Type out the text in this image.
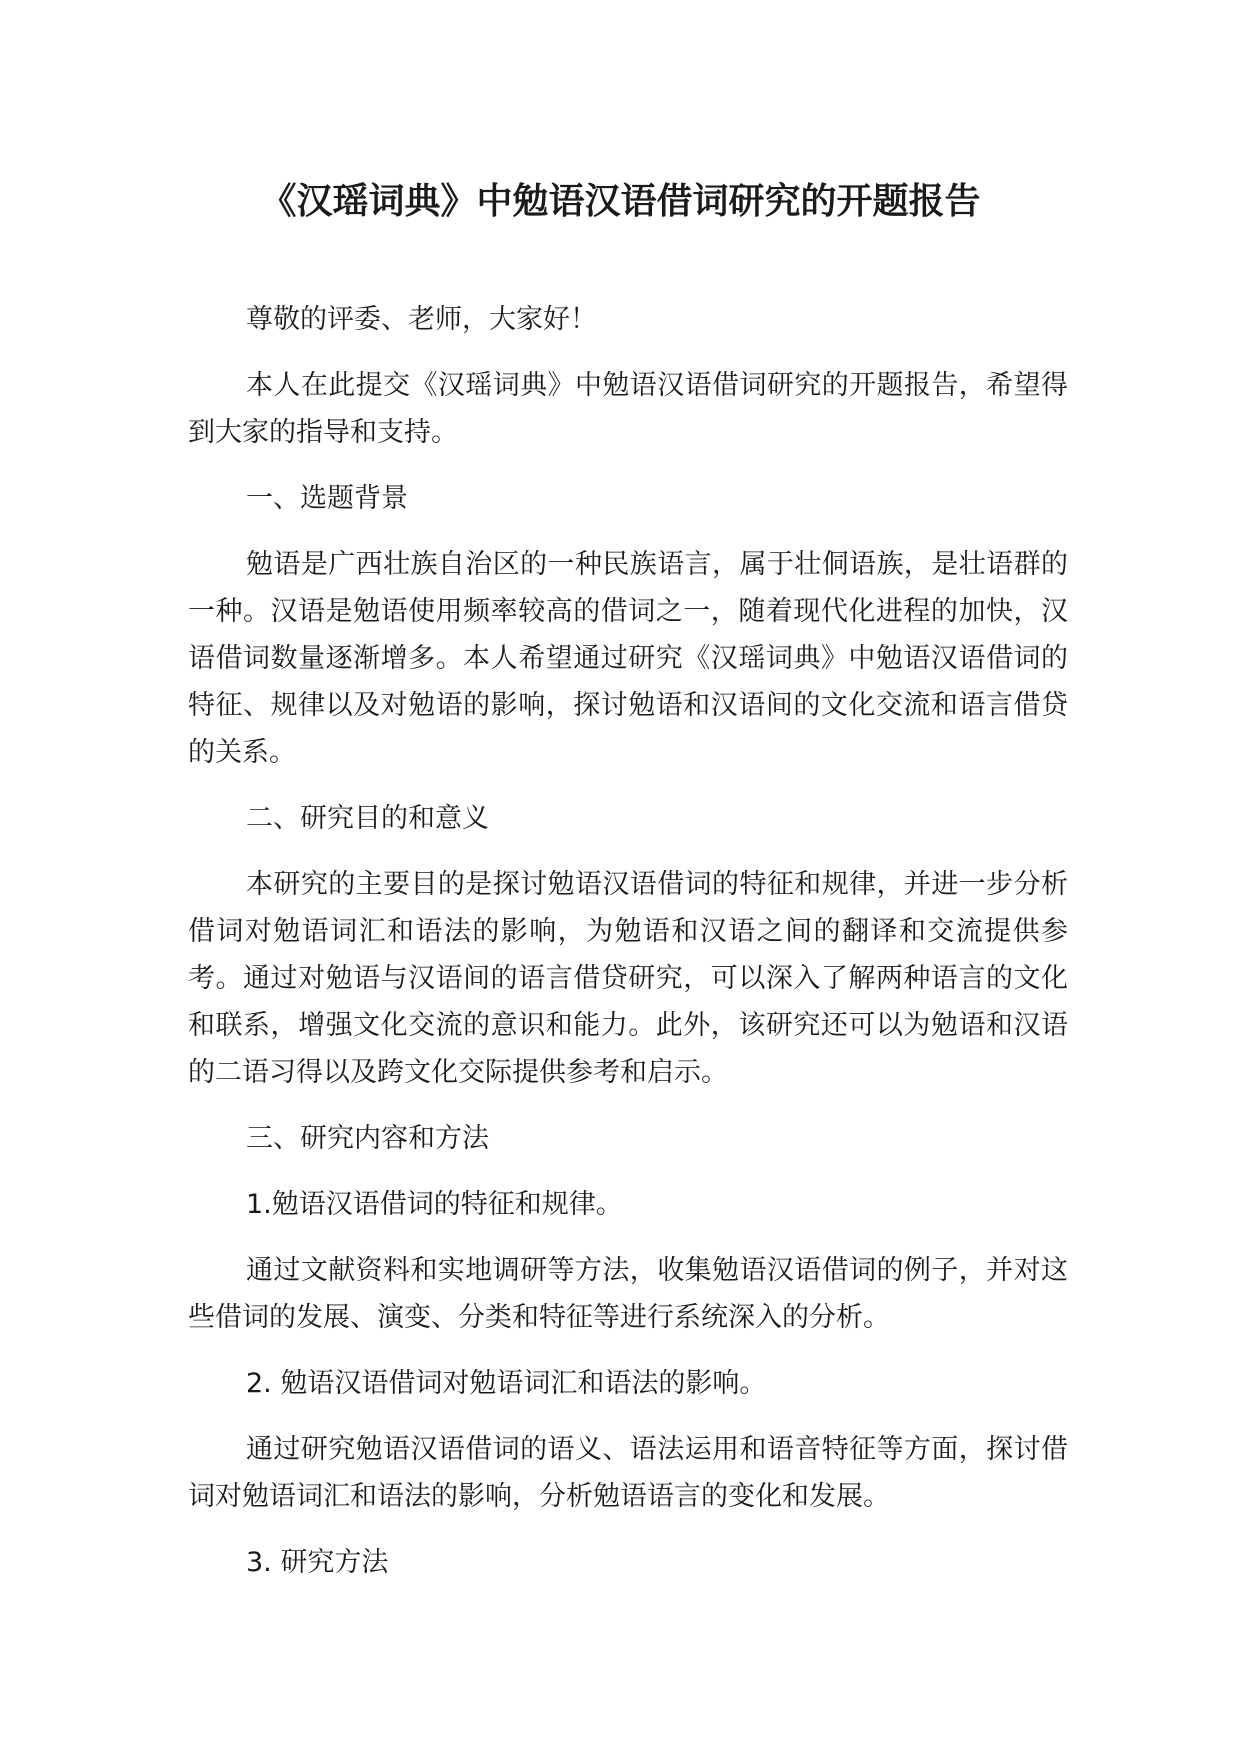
《汉瑶词典》中勉语汉语借词研究的开题报告

尊敬的评委、老师，大家好！

本人在此提交《汉瑶词典》中勉语汉语借词研究的开题报告，希望得到大家的指导和支持。

一、选题背景

勉语是广西壮族自治区的一种民族语言，属于壮侗语族，是壮语群的一种。汉语是勉语使用频率较高的借词之一，随着现代化进程的加快，汉语借词数量逐渐增多。本人希望通过研究《汉瑶词典》中勉语汉语借词的特征、规律以及对勉语的影响，探讨勉语和汉语间的文化交流和语言借贷的关系。

二、研究目的和意义

本研究的主要目的是探讨勉语汉语借词的特征和规律，并进一步分析借词对勉语词汇和语法的影响，为勉语和汉语之间的翻译和交流提供参考。通过对勉语与汉语间的语言借贷研究，可以深入了解两种语言的文化和联系，增强文化交流的意识和能力。此外，该研究还可以为勉语和汉语的二语习得以及跨文化交际提供参考和启示。

三、研究内容和方法

1.勉语汉语借词的特征和规律。

通过文献资料和实地调研等方法，收集勉语汉语借词的例子，并对这些借词的发展、演变、分类和特征等进行系统深入的分析。

2. 勉语汉语借词对勉语词汇和语法的影响。

通过研究勉语汉语借词的语义、语法运用和语音特征等方面，探讨借词对勉语词汇和语法的影响，分析勉语语言的变化和发展。

3. 研究方法
